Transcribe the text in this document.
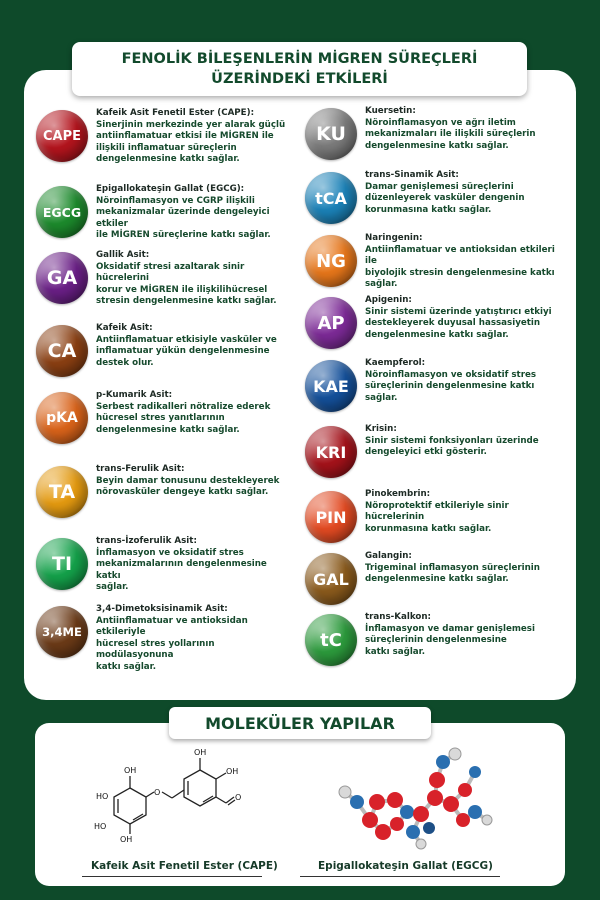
FENOLİK BİLEŞENLERİN MİGREN SÜREÇLERİ
ÜZERİNDEKİ ETKİLERİ
CAPE

Kafeik Asit Fenetil Ester (CAPE):

Sinerjinin merkezinde yer alarak güçlü

antiinflamatuar etkisi ile MİGREN ile

ilişkili inflamatuar süreçlerin

dengelenmesine katkı sağlar.

EGCG

Epigallokateşin Gallat (EGCG):

Nöroinflamasyon ve CGRP ilişkili

mekanizmalar üzerinde dengeleyici etkiler

ile MİGREN süreçlerine katkı sağlar.

GA

Gallik Asit:

Oksidatif stresi azaltarak sinir hücrelerini

korur ve MİGREN ile ilişkilihücresel

stresin dengelenmesine katkı sağlar.

CA

Kafeik Asit:

Antiinflamatuar etkisiyle vasküler ve

inflamatuar yükün dengelenmesine

destek olur.

pKA

p-Kumarik Asit:

Serbest radikalleri nötralize ederek

hücresel stres yanıtlarının

dengelenmesine katkı sağlar.

TA

trans-Ferulik Asit:

Beyin damar tonusunu destekleyerek

nörovasküler dengeye katkı sağlar.

TI

trans-İzoferulik Asit:

İnflamasyon ve oksidatif stres

mekanizmalarının dengelenmesine katkı

sağlar.

3,4ME

3,4-Dimetoksisinamik Asit:

Antiinflamatuar ve antioksidan etkileriyle

hücresel stres yollarının modülasyonuna

katkı sağlar.

KU

Kuersetin:

Nöroinflamasyon ve ağrı iletim

mekanizmaları ile ilişkili süreçlerin

dengelenmesine katkı sağlar.

tCA

trans-Sinamik Asit:

Damar genişlemesi süreçlerini

düzenleyerek vasküler dengenin

korunmasına katkı sağlar.

NG

Naringenin:

Antiinflamatuar ve antioksidan etkileri ile

biyolojik stresin dengelenmesine katkı

sağlar.

AP

Apigenin:

Sinir sistemi üzerinde yatıştırıcı etkiyi

destekleyerek duyusal hassasiyetin

dengelenmesine katkı sağlar.

KAE

Kaempferol:

Nöroinflamasyon ve oksidatif stres

süreçlerinin dengelenmesine katkı

sağlar.

KRI

Krisin:

Sinir sistemi fonksiyonları üzerinde

dengeleyici etki gösterir.

PIN

Pinokembrin:

Nöroprotektif etkileriyle sinir hücrelerinin

korunmasına katkı sağlar.

GAL

Galangin:

Trigeminal inflamasyon süreçlerinin

dengelenmesine katkı sağlar.

tC

trans-Kalkon:

İnflamasyon ve damar genişlemesi

süreçlerinin dengelenmesine

katkı sağlar.

MOLEKÜLER YAPILAR
OH
OH
O
OH
OH
HO
HO
O
Kafeik Asit Fenetil Ester (CAPE)	Epigallokateşin Gallat (EGCG)
